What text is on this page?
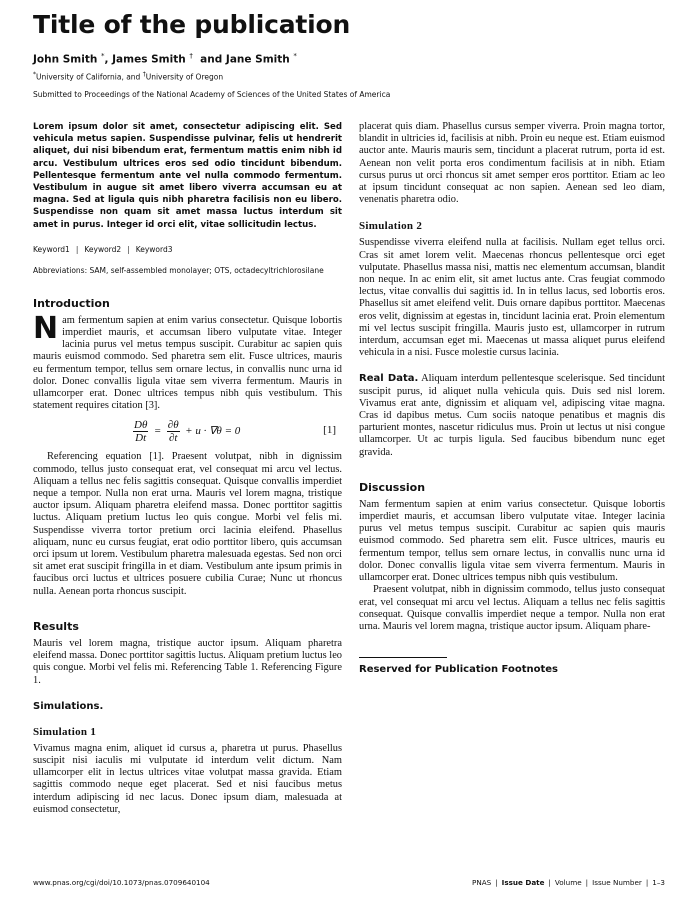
Title of the publication
John Smith *, James Smith †  and Jane Smith *
*University of California, and †University of Oregon
Submitted to Proceedings of the National Academy of Sciences of the United States of America
Lorem ipsum dolor sit amet, consectetur adipiscing elit. Sed vehicula metus sapien. Suspendisse pulvinar, felis ut hendrerit aliquet, dui nisi bibendum erat, fermentum mattis enim nibh id arcu. Vestibulum ultrices eros sed odio tincidunt bibendum. Pellentesque fermentum ante vel nulla commodo fermentum. Vestibulum in augue sit amet libero viverra accumsan eu at magna. Sed at ligula quis nibh pharetra facilisis non eu libero. Suspendisse non quam sit amet massa luctus interdum sit amet in purus. Integer id orci elit, vitae sollicitudin lectus.
Keyword1 | Keyword2 | Keyword3
Abbreviations: SAM, self-assembled monolayer; OTS, octadecyltrichlorosilane
Introduction
N am fermentum sapien at enim varius consectetur. Quisque lobortis imperdiet mauris, et accumsan libero vulputate vitae. Integer lacinia purus vel metus tempus suscipit. Curabitur ac sapien quis mauris euismod commodo. Sed pharetra sem elit. Fusce ultrices, mauris eu fermentum tempor, tellus sem ornare lectus, in convallis nunc urna id dolor. Donec convallis ligula vitae sem viverra fermentum. Mauris in ullamcorper erat. Donec ultrices tempus nibh quis vestibulum. This statement requires citation [3].

$\frac{D\theta}{Dt} = \frac{\partial\theta}{\partial t} + u \cdot \nabla\theta = 0$	[1]

Referencing equation [1]. Praesent volutpat, nibh in dignissim commodo, tellus justo consequat erat, vel consequat mi arcu vel lectus. Aliquam a tellus nec felis sagittis consequat. Quisque convallis imperdiet neque a tempor. Nulla non erat urna. Mauris vel lorem magna, tristique auctor ipsum. Aliquam pharetra eleifend massa. Donec porttitor sagittis luctus. Aliquam pretium luctus leo quis congue. Morbi vel felis mi. Suspendisse viverra tortor pretium orci lacinia eleifend. Phasellus aliquam, nunc eu cursus feugiat, erat odio porttitor libero, quis accumsan orci ipsum ut lorem. Vestibulum pharetra malesuada egestas. Sed non orci sit amet erat suscipit fringilla in et diam. Vestibulum ante ipsum primis in faucibus orci luctus et ultrices posuere cubilia Curae; Nunc ut rhoncus nulla. Aenean porta rhoncus suscipit.

Results

Mauris vel lorem magna, tristique auctor ipsum. Aliquam pharetra eleifend massa. Donec porttitor sagittis luctus. Aliquam pretium luctus leo quis congue. Morbi vel felis mi. Referencing Table 1. Referencing Figure 1.

Simulations.
Simulation 1

Vivamus magna enim, aliquet id cursus a, pharetra ut purus. Phasellus suscipit nisi iaculis mi vulputate id interdum velit dictum. Nam ullamcorper elit in lectus ultrices vitae volutpat massa gravida. Etiam sagittis commodo neque eget placerat. Sed et nisi faucibus metus interdum adipiscing id nec lacus. Donec ipsum diam, malesuada at euismod consectetur,

placerat quis diam. Phasellus cursus semper viverra. Proin magna tortor, blandit in ultricies id, facilisis at nibh. Proin eu neque est. Etiam euismod auctor ante. Mauris mauris sem, tincidunt a placerat rutrum, porta id est. Aenean non velit porta eros condimentum facilisis at in nibh. Etiam cursus purus ut orci rhoncus sit amet semper eros porttitor. Etiam ac leo at ipsum tincidunt consequat ac non sapien. Aenean sed leo diam, venenatis pharetra odio.

Simulation 2

Suspendisse viverra eleifend nulla at facilisis. Nullam eget tellus orci. Cras sit amet lorem velit. Maecenas rhoncus pellentesque orci eget vulputate. Phasellus massa nisi, mattis nec elementum accumsan, blandit non neque. In ac enim elit, sit amet luctus ante. Cras feugiat commodo lectus, vitae convallis dui sagittis id. In in tellus lacus, sed lobortis eros. Phasellus sit amet eleifend velit. Duis ornare dapibus porttitor. Maecenas eros velit, dignissim at egestas in, tincidunt lacinia erat. Proin elementum mi vel lectus suscipit fringilla. Mauris justo est, ullamcorper in rutrum interdum, accumsan eget mi. Maecenas ut massa aliquet purus eleifend vehicula in a nisi. Fusce molestie cursus lacinia.

Real Data. Aliquam interdum pellentesque scelerisque. Sed tincidunt suscipit purus, id aliquet nulla vehicula quis. Duis sed nisl lorem. Vivamus erat ante, dignissim et aliquam vel, adipiscing vitae magna. Cras id dapibus metus. Cum sociis natoque penatibus et magnis dis parturient montes, nascetur ridiculus mus. Proin ut lectus ut nisi congue ullamcorper. Ut ac turpis ligula. Sed faucibus bibendum nunc eget gravida.

Discussion

Nam fermentum sapien at enim varius consectetur. Quisque lobortis imperdiet mauris, et accumsan libero vulputate vitae. Integer lacinia purus vel metus tempus suscipit. Curabitur ac sapien quis mauris euismod commodo. Sed pharetra sem elit. Fusce ultrices, mauris eu fermentum tempor, tellus sem ornare lectus, in convallis nunc urna id dolor. Donec convallis ligula vitae sem viverra fermentum. Mauris in ullamcorper erat. Donec ultrices tempus nibh quis vestibulum.

Praesent volutpat, nibh in dignissim commodo, tellus justo consequat erat, vel consequat mi arcu vel lectus. Aliquam a tellus nec felis sagittis consequat. Quisque convallis imperdiet neque a tempor. Nulla non erat urna. Mauris vel lorem magna, tristique auctor ipsum. Aliquam phare-

Reserved for Publication Footnotes
www.pnas.org/cgi/doi/10.1073/pnas.0709640104	PNAS | Issue Date | Volume | Issue Number | 1–3
